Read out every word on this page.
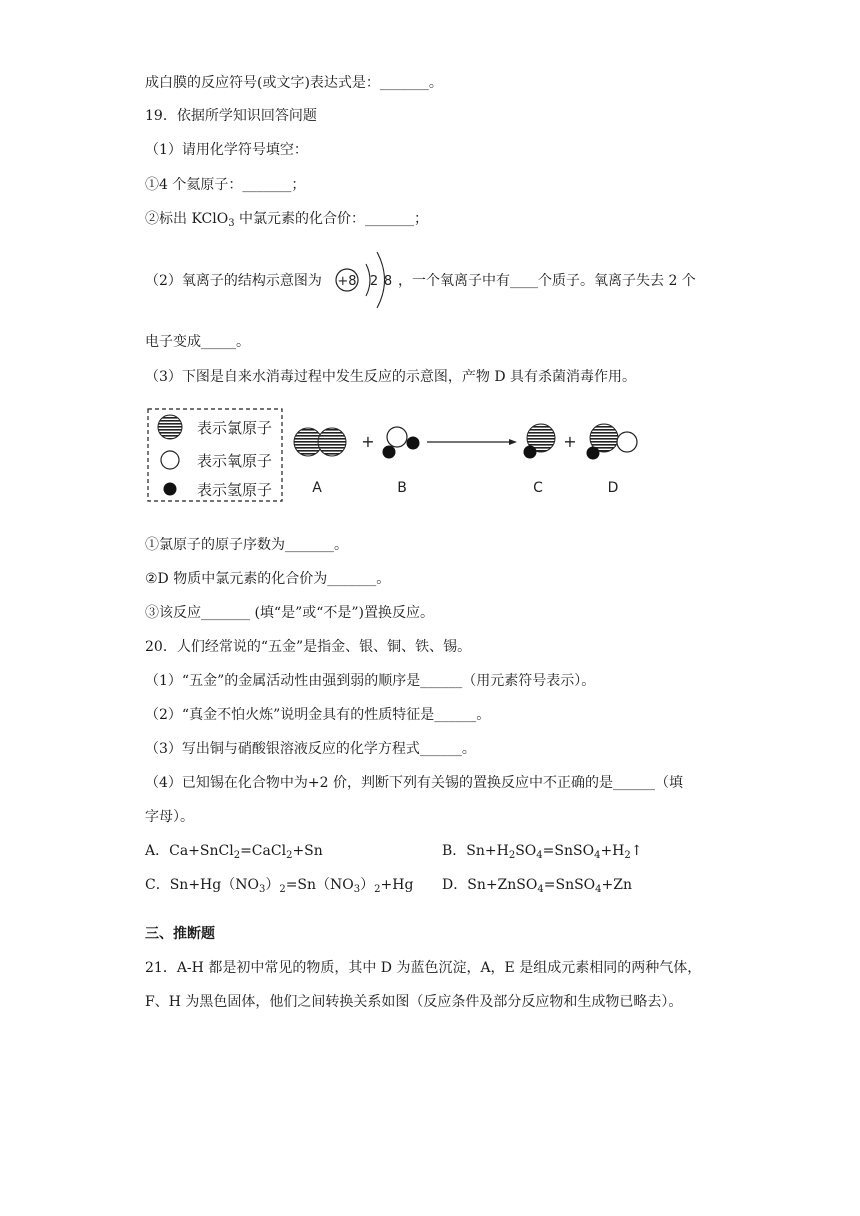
成白膜的反应符号(或文字)表达式是：_______。
19．依据所学知识回答问题
（1）请用化学符号填空：
①4 个氦原子：_______；
②标出 KClO$_3$ 中氯元素的化合价：_______；
（2）氧离子的结构示意图为 +8 2 8 ，一个氧离子中有____个质子。氧离子失去 2 个
电子变成_____。
（3）下图是自来水消毒过程中发生反应的示意图，产物 D 具有杀菌消毒作用。
表示氯原子
表示氧原子
表示氢原子	A
+
B	C
+
D
①氯原子的原子序数为_______。
②D 物质中氯元素的化合价为_______。
③该反应_______ (填“是”或“不是”)置换反应。
20．人们经常说的“五金”是指金、银、铜、铁、锡。
（1）“五金”的金属活动性由强到弱的顺序是______（用元素符号表示）。
（2）“真金不怕火炼”说明金具有的性质特征是______。
（3）写出铜与硝酸银溶液反应的化学方程式______。
（4）已知锡在化合物中为+2 价，判断下列有关锡的置换反应中不正确的是______（填
字母）。
A．Ca+SnCl$_2$=CaCl$_2$+Sn	B．$Sn+H_2SO_4=SnSO_4+H_2↑$
C．$Sn+Hg(NO_3)_2=Sn(NO_3)_2+Hg$ D．Sn+ZnSO$_4$=SnSO$_4$+Zn
三、推断题
21．A-H 都是初中常见的物质，其中 D 为蓝色沉淀，A，E 是组成元素相同的两种气体，
F、H 为黑色固体，他们之间转换关系如图（反应条件及部分反应物和生成物已略去）。
